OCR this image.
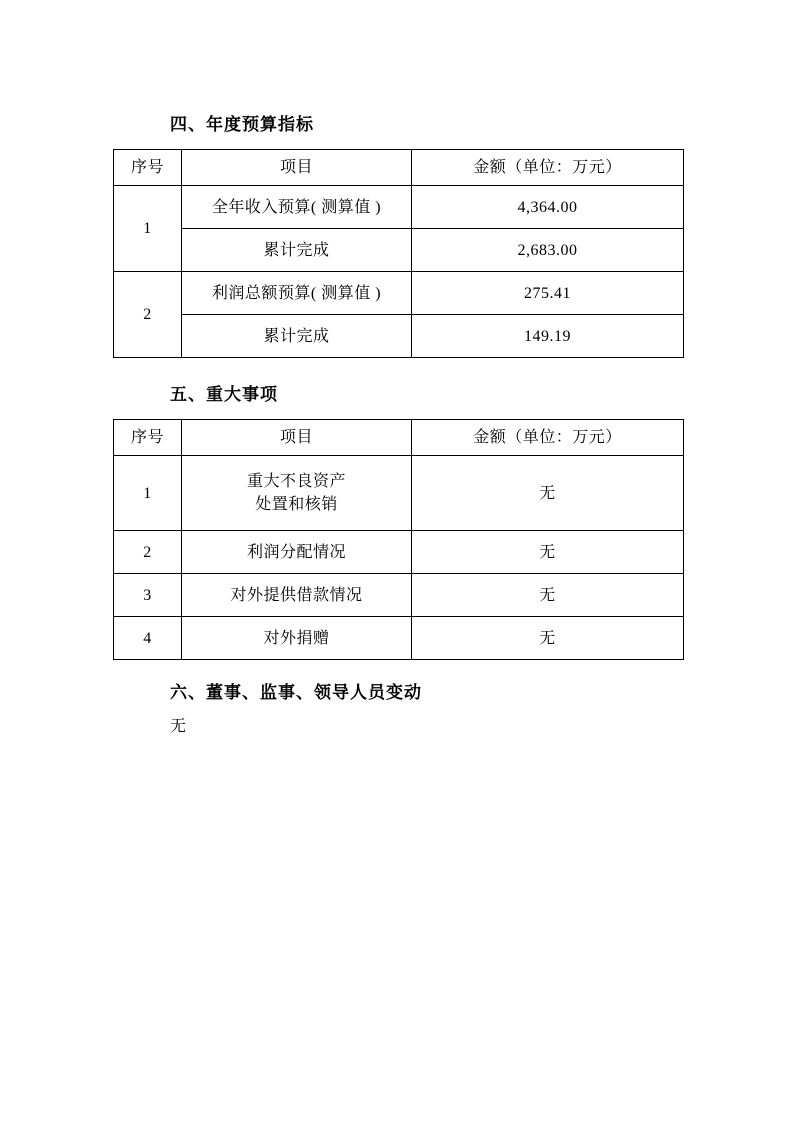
四、年度预算指标
序号	项目	金额（单位：万元）
1	全年收入预算( 测算值 )	4,364.00
	累计完成	2,683.00
2	利润总额预算( 测算值 )	275.41
	累计完成	149.19
五、重大事项
序号	项目	金额（单位：万元）
1	重大不良资产
处置和核销	无
2	利润分配情况	无
3	对外提供借款情况	无
4	对外捐赠	无
六、董事、监事、领导人员变动

无
